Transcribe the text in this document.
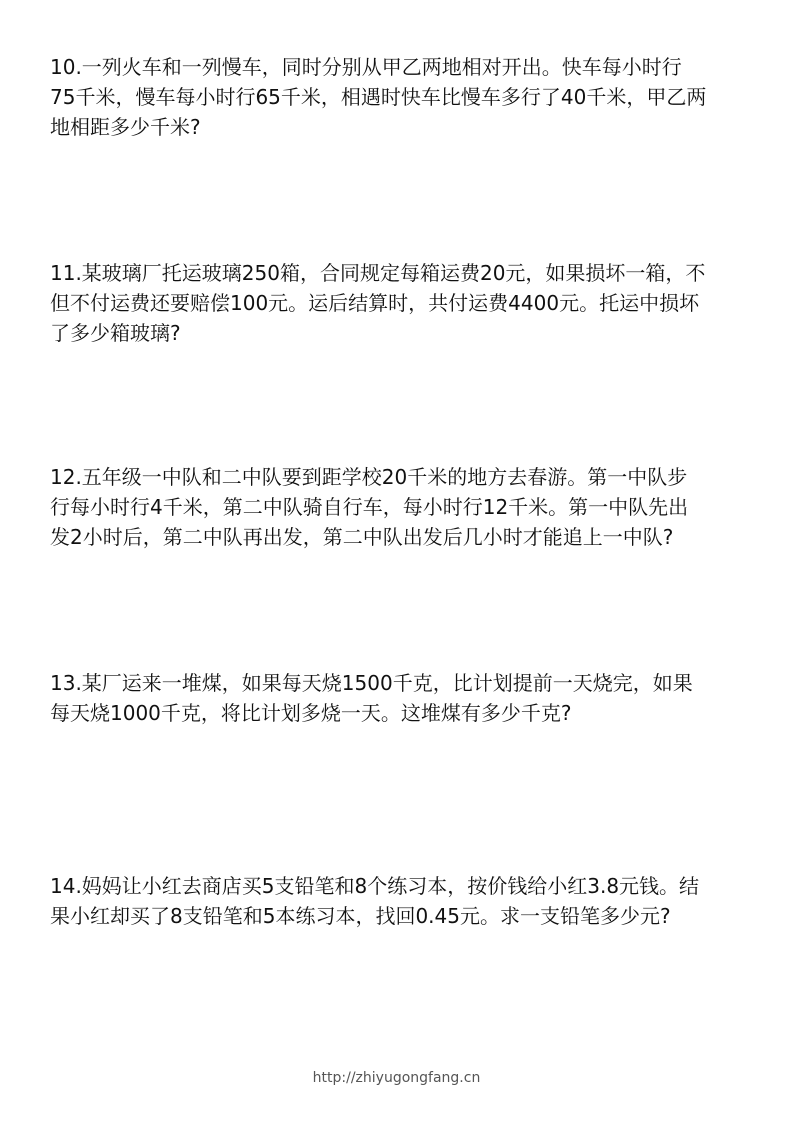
10.一列火车和一列慢车，同时分别从甲乙两地相对开出。快车每小时行
75千米，慢车每小时行65千米，相遇时快车比慢车多行了40千米，甲乙两
地相距多少千米?
11.某玻璃厂托运玻璃250箱，合同规定每箱运费20元，如果损坏一箱，不
但不付运费还要赔偿100元。运后结算时，共付运费4400元。托运中损坏
了多少箱玻璃?
12.五年级一中队和二中队要到距学校20千米的地方去春游。第一中队步
行每小时行4千米，第二中队骑自行车，每小时行12千米。第一中队先出
发2小时后，第二中队再出发，第二中队出发后几小时才能追上一中队?
13.某厂运来一堆煤，如果每天烧1500千克，比计划提前一天烧完，如果
每天烧1000千克，将比计划多烧一天。这堆煤有多少千克?
14.妈妈让小红去商店买5支铅笔和8个练习本，按价钱给小红3.8元钱。结
果小红却买了8支铅笔和5本练习本，找回0.45元。求一支铅笔多少元?
http://zhiyugongfang.cn
